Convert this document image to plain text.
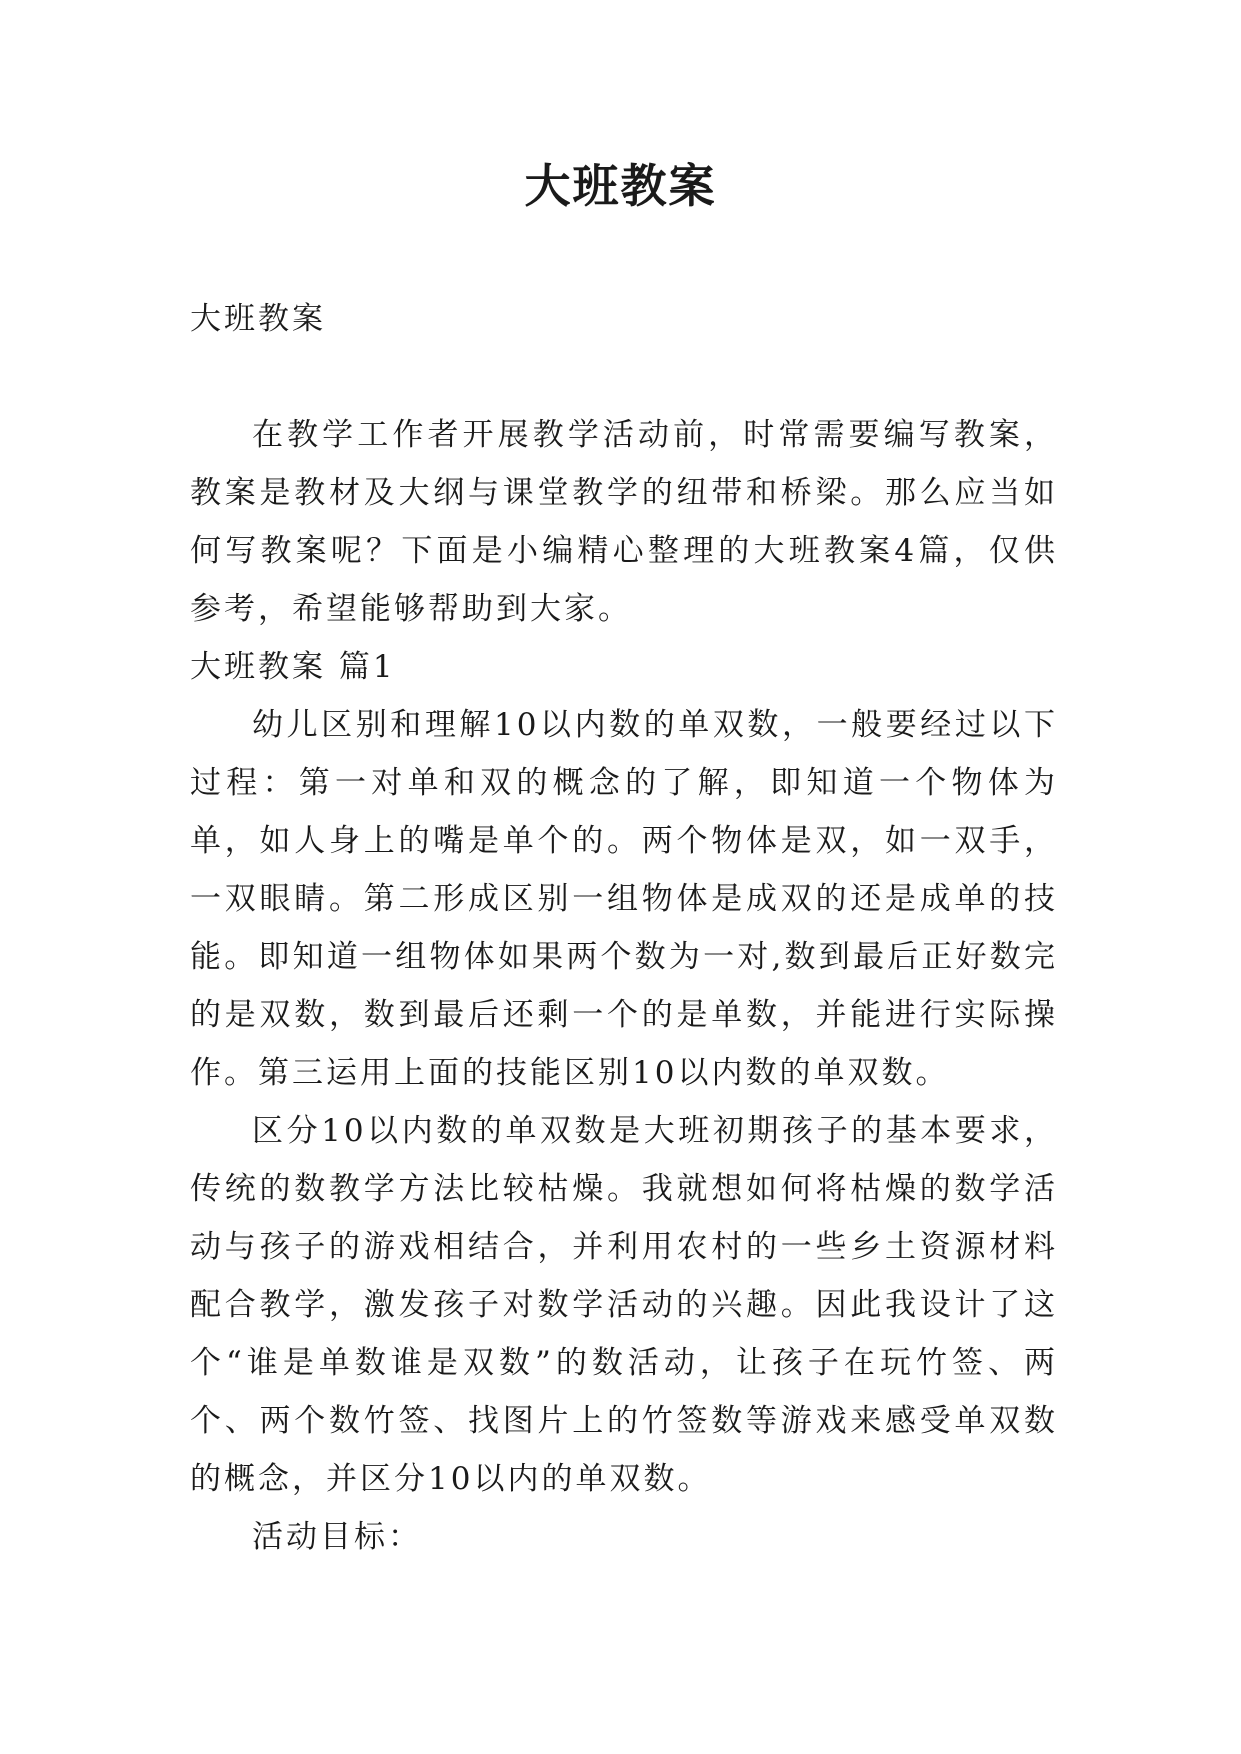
大班教案

大班教案

在教学工作者开展教学活动前，时常需要编写教案，教案是教材及大纲与课堂教学的纽带和桥梁。那么应当如何写教案呢？下面是小编精心整理的大班教案4篇，仅供参考，希望能够帮助到大家。

大班教案 篇1

幼儿区别和理解10以内数的单双数，一般要经过以下过程：第一对单和双的概念的了解，即知道一个物体为单，如人身上的嘴是单个的。两个物体是双，如一双手，一双眼睛。第二形成区别一组物体是成双的还是成单的技能。即知道一组物体如果两个数为一对,数到最后正好数完的是双数，数到最后还剩一个的是单数，并能进行实际操作。第三运用上面的技能区别10以内数的单双数。

区分10以内数的单双数是大班初期孩子的基本要求，传统的数教学方法比较枯燥。我就想如何将枯燥的数学活动与孩子的游戏相结合，并利用农村的一些乡土资源材料配合教学，激发孩子对数学活动的兴趣。因此我设计了这个“谁是单数谁是双数”的数活动，让孩子在玩竹签、两个、两个数竹签、找图片上的竹签数等游戏来感受单双数的概念，并区分10以内的单双数。

活动目标：
